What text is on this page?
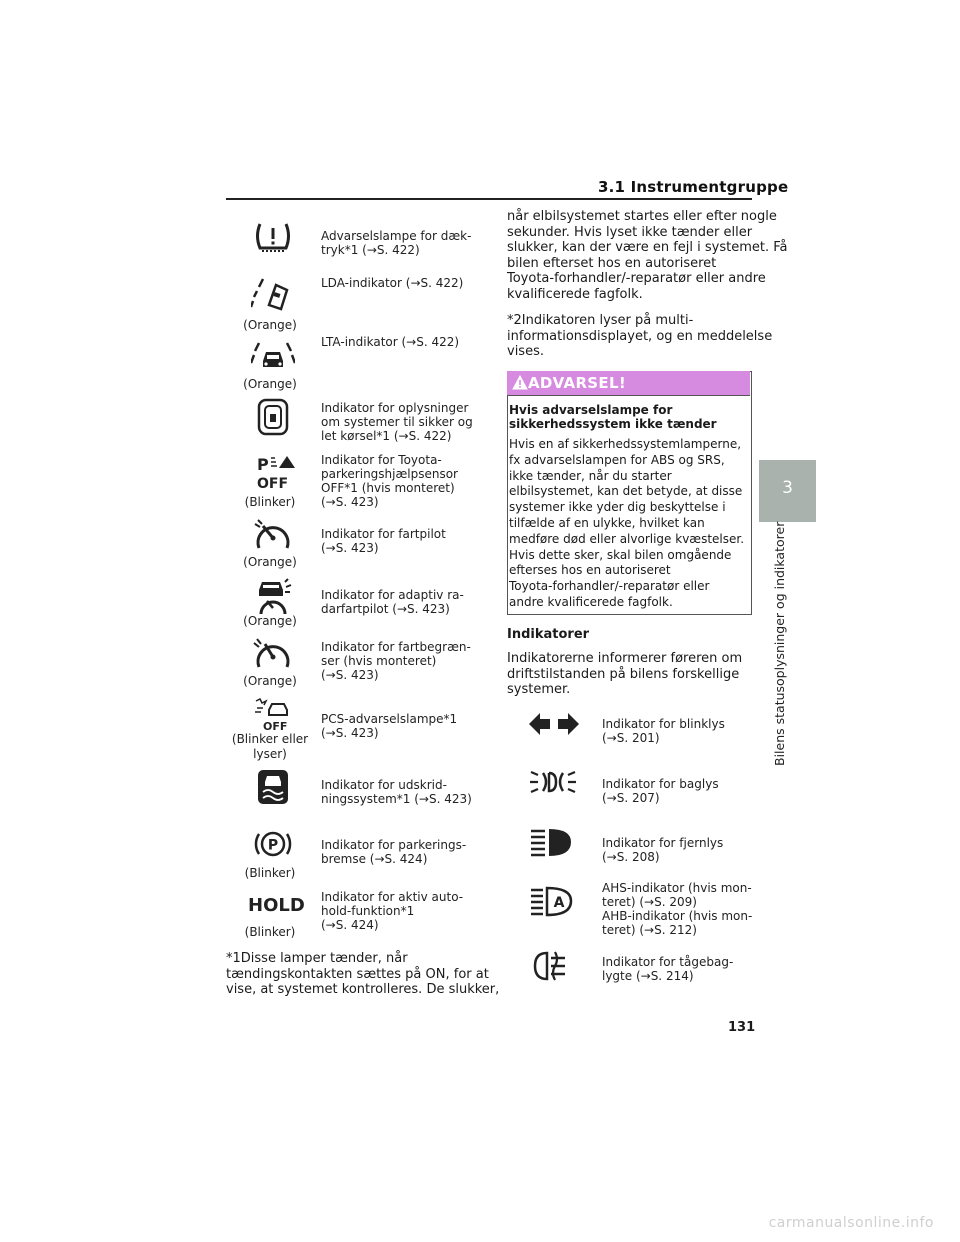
3.1 Instrumentgruppe
3
Bilens statusoplysninger og indikatorer
P
OFF
OFF
P
HOLD
(Orange)
(Orange)
(Blinker)
(Orange)
(Orange)
(Orange)
(Blinker eller
lyser)
(Blinker)
(Blinker)
Advarselslampe for dæk-
tryk*1 (→S. 422)
LDA-indikator (→S. 422)
LTA-indikator (→S. 422)
Indikator for oplysninger
om systemer til sikker og
let kørsel*1 (→S. 422)
Indikator for Toyota-
parkeringshjælpsensor
OFF*1 (hvis monteret)
(→S. 423)
Indikator for fartpilot
(→S. 423)
Indikator for adaptiv ra-
darfartpilot (→S. 423)
Indikator for fartbegræn-
ser (hvis monteret)
(→S. 423)
PCS-advarselslampe*1
(→S. 423)
Indikator for udskrid-
ningssystem*1 (→S. 423)
Indikator for parkerings-
bremse (→S. 424)
Indikator for aktiv auto-
hold-funktion*1
(→S. 424)
*1Disse lamper tænder, når
tændingskontakten sættes på ON, for at
vise, at systemet kontrolleres. De slukker,
når elbilsystemet startes eller efter nogle
sekunder. Hvis lyset ikke tænder eller
slukker, kan der være en fejl i systemet. Få
bilen efterset hos en autoriseret
Toyota-forhandler/-reparatør eller andre
kvalificerede fagfolk.
*2Indikatoren lyser på multi-
informationsdisplayet, og en meddelelse
vises.
ADVARSEL!
Hvis advarselslampe for
sikkerhedssystem ikke tænder
Hvis en af sikkerhedssystemlamperne,
fx advarselslampen for ABS og SRS,
ikke tænder, når du starter
elbilsystemet, kan det betyde, at disse
systemer ikke yder dig beskyttelse i
tilfælde af en ulykke, hvilket kan
medføre død eller alvorlige kvæstelser.
Hvis dette sker, skal bilen omgående
efterses hos en autoriseret
Toyota-forhandler/-reparatør eller
andre kvalificerede fagfolk.
Indikatorer
Indikatorerne informerer føreren om
driftstilstanden på bilens forskellige
systemer.
A
Indikator for blinklys
(→S. 201)
Indikator for baglys
(→S. 207)
Indikator for fjernlys
(→S. 208)
AHS-indikator (hvis mon-
teret) (→S. 209)
AHB-indikator (hvis mon-
teret) (→S. 212)
Indikator for tågebag-
lygte (→S. 214)
131
carmanualsonline.info
